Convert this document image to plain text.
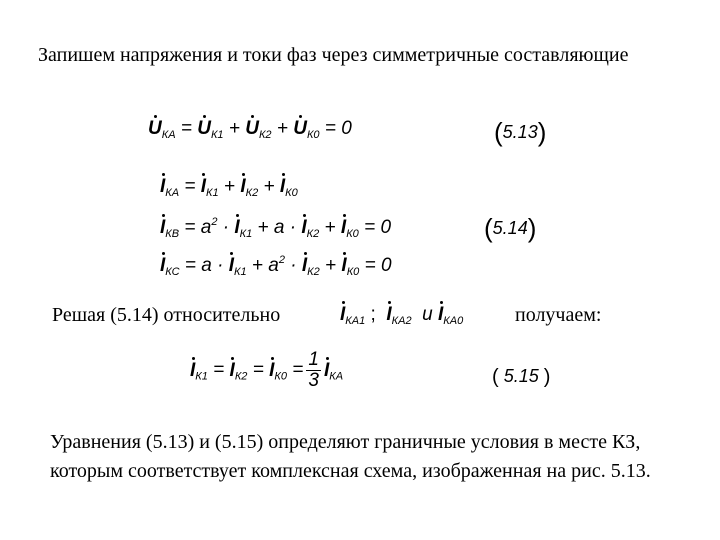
Запишем напряжения и токи фаз через симметричные составляющие
$U_{КА} = U_{К1} + U_{К2} + U_{К0} = 0$	(5.13)
$I_{КА} = I_{К1} + I_{К2} + I_{К0}$
$I_{КВ} = a^2 \cdot I_{К1} + a \cdot I_{К2} + I_{К0} = 0$
$I_{КС} = a \cdot I_{К1} + a^2 \cdot I_{К2} + I_{К0} = 0$
(5.14)
Решая (5.14) относительно	$I_{КА1}$ ; $I_{КА2}$ и $I_{КА0}$	получаем:
$I_{К1} = I_{К2} = I_{К0} = \frac{1}{3} I_{КА}$	( 5.15 )
Уравнения (5.13) и (5.15) определяют граничные условия в месте КЗ, которым соответствует комплексная схема, изображенная на рис. 5.13.
